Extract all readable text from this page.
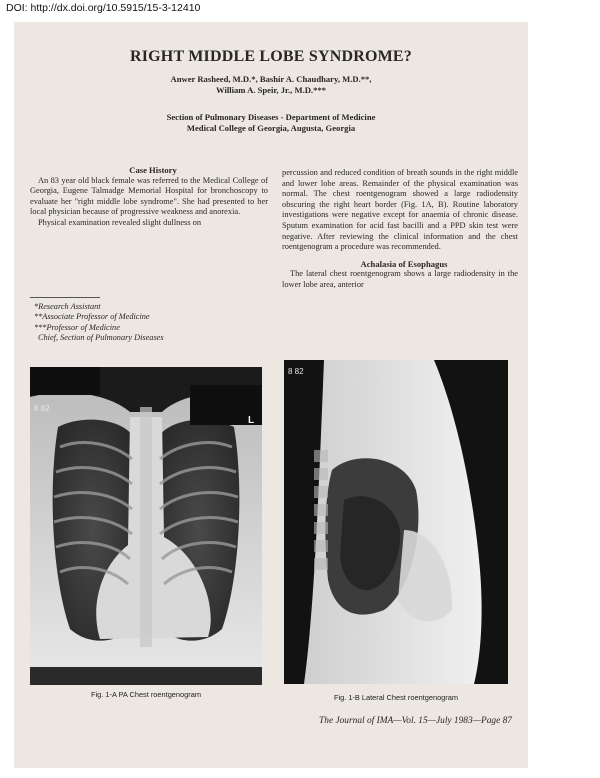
DOI: http://dx.doi.org/10.5915/15-3-12410
RIGHT MIDDLE LOBE SYNDROME?
Anwer Rasheed, M.D.*, Bashir A. Chaudhary, M.D.**,
William A. Speir, Jr., M.D.***
Section of Pulmonary Diseases - Department of Medicine
Medical College of Georgia, Augusta, Georgia

Case History

An 83 year old black female was referred to the Medical College of Georgia, Eugene Talmadge Memorial Hospital for bronchoscopy to evaluate her "right middle lobe syndrome". She had presented to her local physician because of progressive weakness and anorexia.

Physical examination revealed slight dullness on

*Research Assistant
**Associate Professor of Medicine
***Professor of Medicine
Chief, Section of Pulmonary Diseases

percussion and reduced condition of breath sounds in the right middle and lower lobe areas. Remainder of the physical examination was normal. The chest roentgenogram showed a large radiodensity obscuring the right heart border (Fig. 1A, B). Routine laboratory investigations were negative except for anaemia of chronic disease. Sputum examination for acid fast bacilli and a PPD skin test were negative. After reviewing the clinical information and the chest roentgenogram a procedure was recommended.

Achalasia of Esophagus

The lateral chest roentgenogram shows a large radiodensity in the lower lobe area, anterior

8 82
L
8 82
Fig. 1-A PA Chest roentgenogram	Fig. 1-B Lateral Chest roentgenogram
The Journal of IMA—Vol. 15—July 1983—Page 87
